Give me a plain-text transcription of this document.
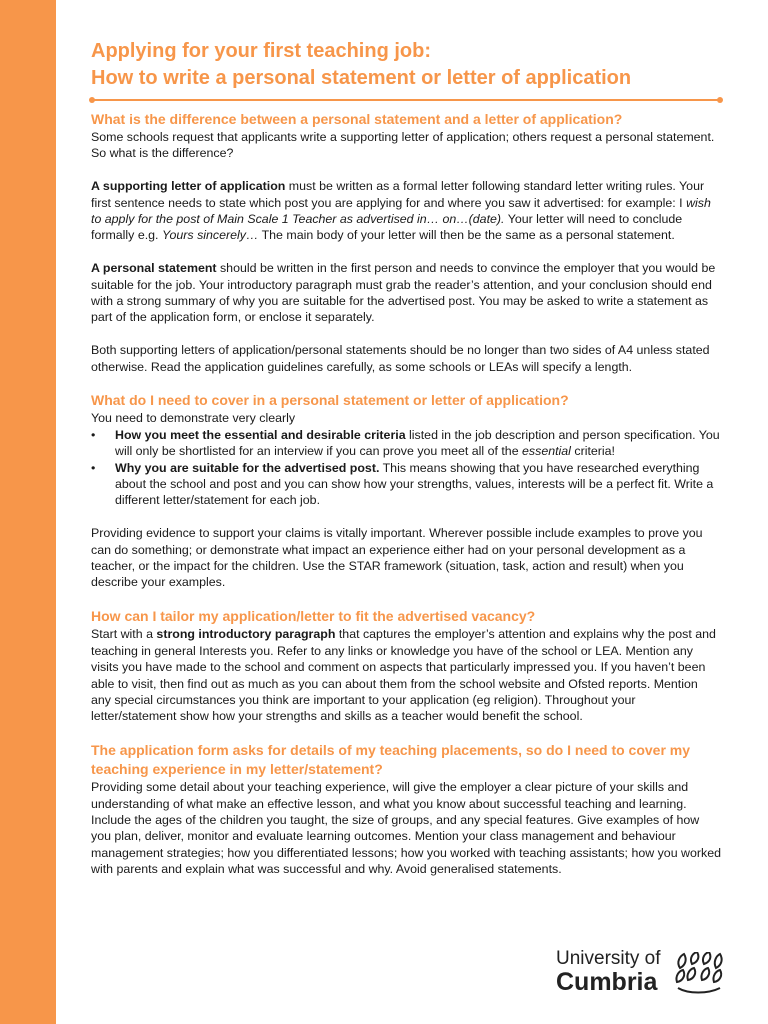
Applying for your first teaching job:
How to write a personal statement or letter of application
What is the difference between a personal statement and a letter of application?

Some schools request that applicants write a supporting letter of application; others request a personal statement. So what is the difference?

A supporting letter of application must be written as a formal letter following standard letter writing rules. Your first sentence needs to state which post you are applying for and where you saw it advertised: for example: I wish to apply for the post of Main Scale 1 Teacher as advertised in… on…(date). Your letter will need to conclude formally e.g. Yours sincerely… The main body of your letter will then be the same as a personal statement.

A personal statement should be written in the first person and needs to convince the employer that you would be suitable for the job. Your introductory paragraph must grab the reader’s attention, and your conclusion should end with a strong summary of why you are suitable for the advertised post. You may be asked to write a statement as part of the application form, or enclose it separately.

Both supporting letters of application/personal statements should be no longer than two sides of A4 unless stated otherwise. Read the application guidelines carefully, as some schools or LEAs will specify a length.

What do I need to cover in a personal statement or letter of application?

You need to demonstrate very clearly

• How you meet the essential and desirable criteria listed in the job description and person specification. You will only be shortlisted for an interview if you can prove you meet all of the essential criteria!
• Why you are suitable for the advertised post. This means showing that you have researched everything about the school and post and you can show how your strengths, values, interests will be a perfect fit. Write a different letter/statement for each job.

Providing evidence to support your claims is vitally important. Wherever possible include examples to prove you can do something; or demonstrate what impact an experience either had on your personal development as a teacher, or the impact for the children. Use the STAR framework (situation, task, action and result) when you describe your examples.

How can I tailor my application/letter to fit the advertised vacancy?

Start with a strong introductory paragraph that captures the employer’s attention and explains why the post and teaching in general Interests you. Refer to any links or knowledge you have of the school or LEA. Mention any visits you have made to the school and comment on aspects that particularly impressed you. If you haven’t been able to visit, then find out as much as you can about them from the school website and Ofsted reports. Mention any special circumstances you think are important to your application (eg religion). Throughout your letter/statement show how your strengths and skills as a teacher would benefit the school.

The application form asks for details of my teaching placements, so do I need to cover my teaching experience in my letter/statement?

Providing some detail about your teaching experience, will give the employer a clear picture of your skills and understanding of what make an effective lesson, and what you know about successful teaching and learning. Include the ages of the children you taught, the size of groups, and any special features. Give examples of how you plan, deliver, monitor and evaluate learning outcomes. Mention your class management and behaviour management strategies; how you differentiated lessons; how you worked with teaching assistants; how you worked with parents and explain what was successful and why. Avoid generalised statements.

University of
Cumbria
